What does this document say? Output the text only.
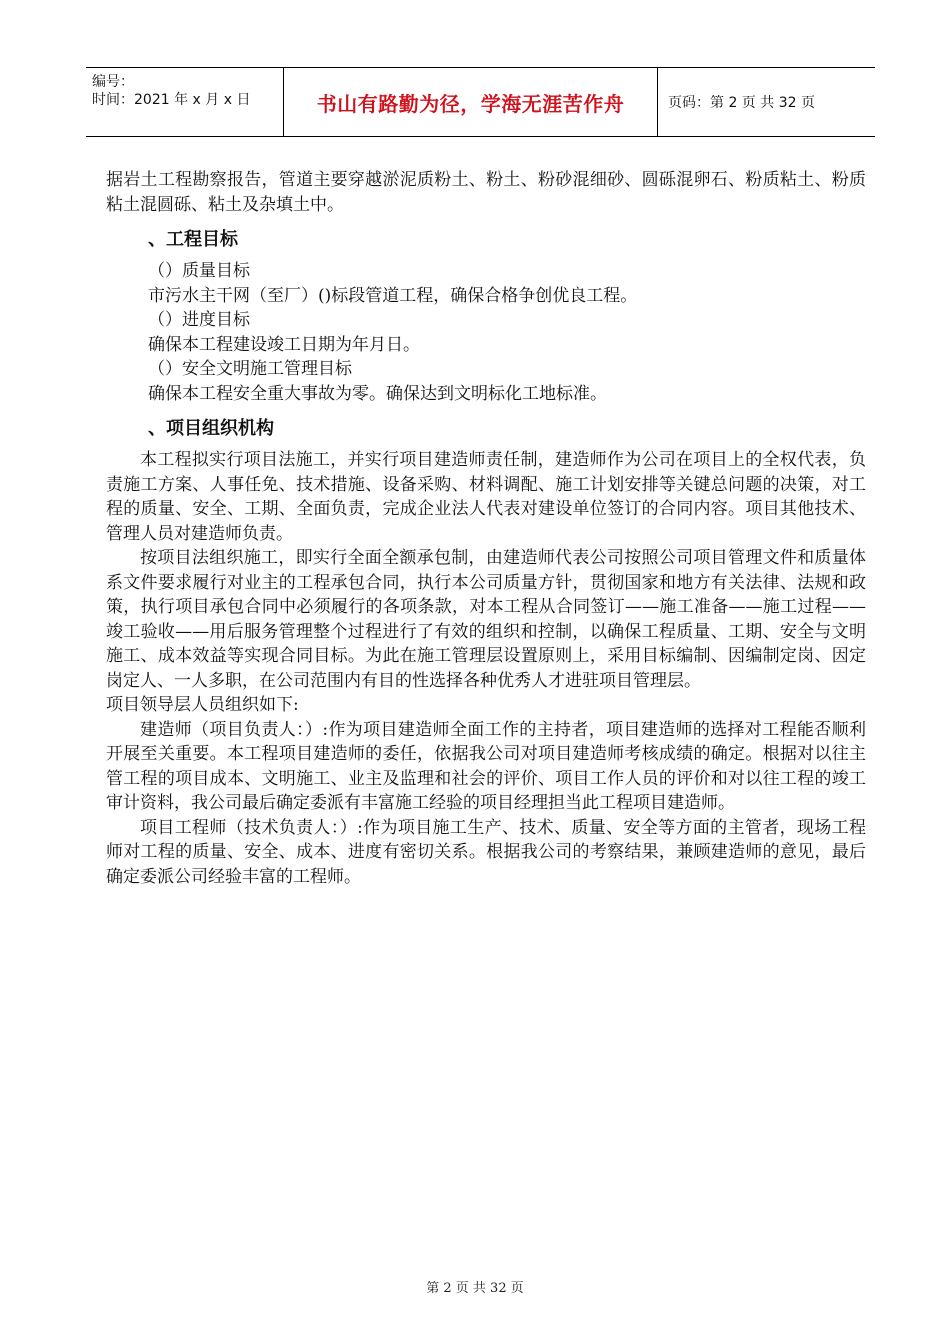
编号：
时间：2021 年 x 月 x 日	书山有路勤为径，学海无涯苦作舟	页码：第 2 页 共 32 页

据岩土工程勘察报告，管道主要穿越淤泥质粉土、粉土、粉砂混细砂、圆砾混卵石、粉质粘土、粉质粘土混圆砾、粘土及杂填土中。

、工程目标

（）质量目标

市污水主干网（至厂）()标段管道工程，确保合格争创优良工程。

（）进度目标

确保本工程建设竣工日期为年月日。

（）安全文明施工管理目标

确保本工程安全重大事故为零。确保达到文明标化工地标准。

、项目组织机构

本工程拟实行项目法施工，并实行项目建造师责任制，建造师作为公司在项目上的全权代表，负责施工方案、人事任免、技术措施、设备采购、材料调配、施工计划安排等关键总问题的决策，对工程的质量、安全、工期、全面负责，完成企业法人代表对建设单位签订的合同内容。项目其他技术、管理人员对建造师负责。

按项目法组织施工，即实行全面全额承包制，由建造师代表公司按照公司项目管理文件和质量体系文件要求履行对业主的工程承包合同，执行本公司质量方针，贯彻国家和地方有关法律、法规和政策，执行项目承包合同中必须履行的各项条款，对本工程从合同签订——施工准备——施工过程——竣工验收——用后服务管理整个过程进行了有效的组织和控制，以确保工程质量、工期、安全与文明施工、成本效益等实现合同目标。为此在施工管理层设置原则上，采用目标编制、因编制定岗、因定岗定人、一人多职，在公司范围内有目的性选择各种优秀人才进驻项目管理层。

项目领导层人员组织如下:

建造师（项目负责人：）:作为项目建造师全面工作的主持者，项目建造师的选择对工程能否顺利开展至关重要。本工程项目建造师的委任，依据我公司对项目建造师考核成绩的确定。根据对以往主管工程的项目成本、文明施工、业主及监理和社会的评价、项目工作人员的评价和对以往工程的竣工审计资料，我公司最后确定委派有丰富施工经验的项目经理担当此工程项目建造师。

项目工程师（技术负责人：）:作为项目施工生产、技术、质量、安全等方面的主管者，现场工程师对工程的质量、安全、成本、进度有密切关系。根据我公司的考察结果，兼顾建造师的意见，最后确定委派公司经验丰富的工程师。

第 2 页 共 32 页
